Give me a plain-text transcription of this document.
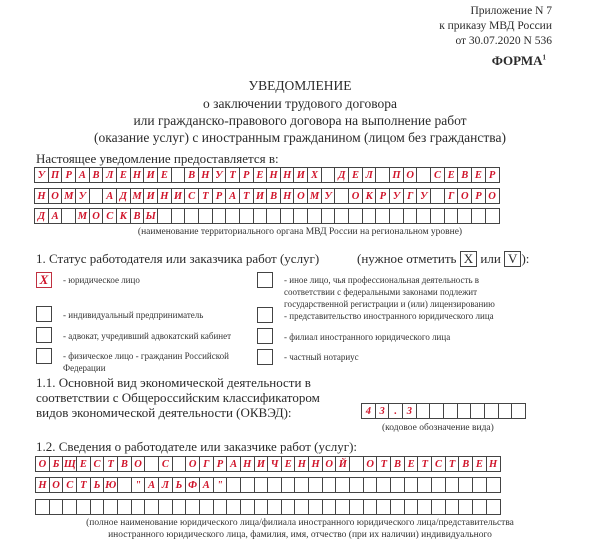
Приложение N 7
к приказу МВД России
от 30.07.2020 N 536
ФОРМА$^1$
УВЕДОМЛЕНИЕ
о заключении трудового договора
или гражданско-правового договора на выполнение работ
(оказание услуг) с иностранным гражданином (лицом без гражданства)
Настоящее уведомление предоставляется в:
У П Р А В Л Е Н И Е	В Н У Т Р Е Н Н И Х	Д Е Л	П О	С Е В Е Р
Н О М У	А Д М И Н И С Т Р А Т И В Н О М У	О К Р У Г У	Г О Р О
Д А	М О С К В Ы
(наименование территориального органа МВД России на региональном уровне)
1. Статус работодателя или заказчика работ (услуг)	(нужное отметить X или V ):
X	- юридическое лицо
- индивидуальный предприниматель
- адвокат, учредивший адвокатский кабинет
- физическое лицо - гражданин Российской
Федерации
- иное лицо, чья профессиональная деятельность в
соответствии с федеральными законами подлежит
государственной регистрации и (или) лицензированию
- представительство иностранного юридического лица
- филиал иностранного юридического лица
- частный нотариус
1.1. Основной вид экономической деятельности в
соответствии с Общероссийским классификатором
видов экономической деятельности (ОКВЭД):	4 3 . 3
(кодовое обозначение вида)
1.2. Сведения о работодателе или заказчике работ (услуг):
О Б Щ Е С Т В О	С	О Г Р А Н И Ч Е Н Н О Й	О Т В Е Т С Т В Е Н
Н О С Т Ь Ю	" А Л Ь Ф А "
(полное наименование юридического лица/филиала иностранного юридического лица/представительства
иностранного юридического лица, фамилия, имя, отчество (при их наличии) индивидуального
